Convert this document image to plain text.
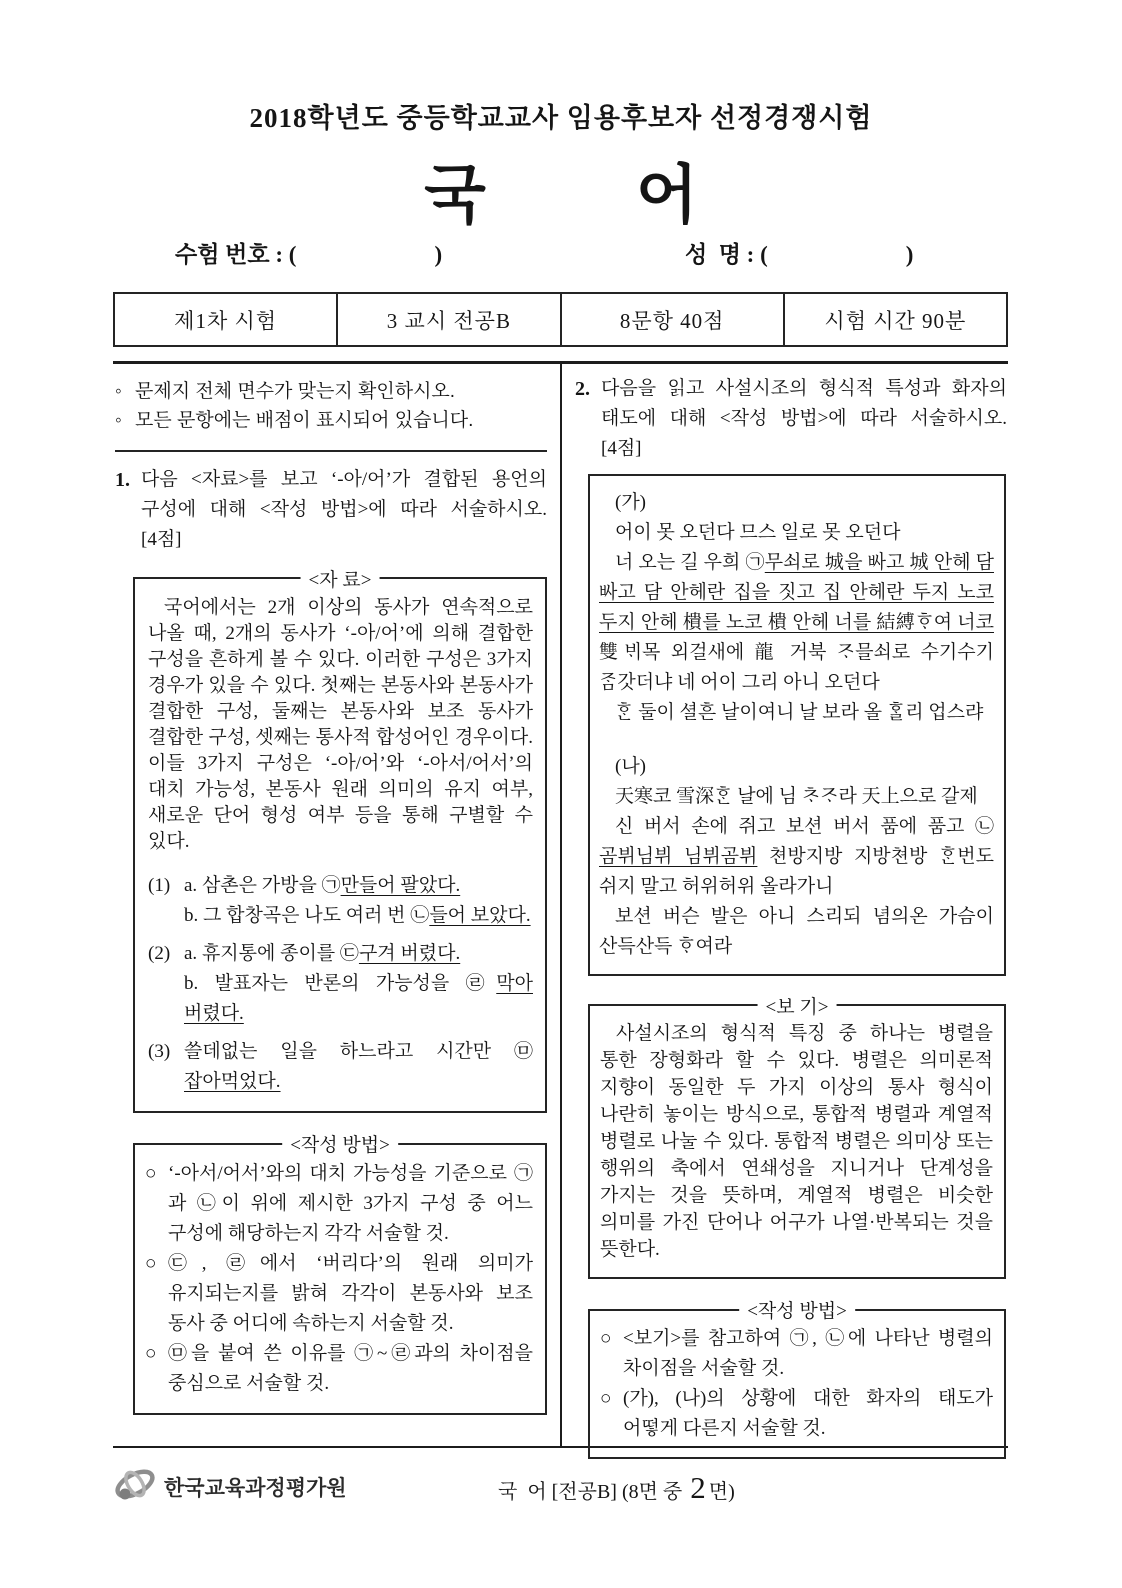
2018학년도 중등학교교사 임용후보자 선정경쟁시험
국 어
수험 번호 : (                        )	성  명 : (                        )
제1차 시험	3 교시 전공B	8문항 40점	시험 시간 90분
◦ 문제지 전체 면수가 맞는지 확인하시오.
◦ 모든 문항에는 배점이 표시되어 있습니다.
1. 다음 <자료>를 보고 ‘-아/어’가 결합된 용언의 구성에 대해 <작성 방법>에 따라 서술하시오. [4점]
<자 료>

국어에서는 2개 이상의 동사가 연속적으로 나올 때, 2개의 동사가 ‘-아/어’에 의해 결합한 구성을 흔하게 볼 수 있다. 이러한 구성은 3가지 경우가 있을 수 있다. 첫째는 본동사와 본동사가 결합한 구성, 둘째는 본동사와 보조 동사가 결합한 구성, 셋째는 통사적 합성어인 경우이다. 이들 3가지 구성은 ‘-아/어’와 ‘-아서/어서’의 대치 가능성, 본동사 원래 의미의 유지 여부, 새로운 단어 형성 여부 등을 통해 구별할 수 있다.

(1) a. 삼촌은 가방을 ㉠만들어 팔았다.
b. 그 합창곡은 나도 여러 번 ㉡들어 보았다.
(2) a. 휴지통에 종이를 ㉢구겨 버렸다.
b. 발표자는 반론의 가능성을 ㉣막아 버렸다.
(3) 쓸데없는 일을 하느라고 시간만 ㉤잡아먹었다.
<작성 방법>
○ ‘-아서/어서’와의 대치 가능성을 기준으로 ㉠과 ㉡이 위에 제시한 3가지 구성 중 어느 구성에 해당하는지 각각 서술할 것.
○ ㉢, ㉣에서 ‘버리다’의 원래 의미가 유지되는지를 밝혀 각각이 본동사와 보조 동사 중 어디에 속하는지 서술할 것.
○ ㉤을 붙여 쓴 이유를 ㉠~㉣과의 차이점을 중심으로 서술할 것.
2. 다음을 읽고 사설시조의 형식적 특성과 화자의 태도에 대해 <작성 방법>에 따라 서술하시오. [4점]

(가)

어이 못 오던다 므스 일로 못 오던다

너 오는 길 우희 ㉠무쇠로 城을 ᄡᅡ고 城 안헤 담 ᄡᅡ고 담 안헤란 집을 짓고 집 안헤란 두지 노코 두지 안헤 樻를 노코 樻 안헤 너를 結縛ᄒᆞ여 너코 雙ᄇᆡ목 외걸새에 龍 거북 ᄌᆞ믈쇠로 수기수기 ᄌᆞᆷ갓더냐 네 어이 그리 아니 오던다

ᄒᆞᆫ 둘이 셜흔 날이여니 날 보라 올 ᄒᆞᆯ리 업스랴

(나)

天寒코 雪深ᄒᆞᆫ 날에 님 ᄎᆞᄌᆞ라 天上으로 갈제

신 버서 손에 쥐고 보션 버서 품에 품고 ㉡곰뷔님뷔 님뷔곰뷔 쳔방지방 지방쳔방 ᄒᆞᆫ번도 쉬지 말고 허위허위 올라가니

보션 버슨 발은 아니 스리되 념의온 가슴이 산득산득 ᄒᆞ여라

<보 기>

사설시조의 형식적 특징 중 하나는 병렬을 통한 장형화라 할 수 있다. 병렬은 의미론적 지향이 동일한 두 가지 이상의 통사 형식이 나란히 놓이는 방식으로, 통합적 병렬과 계열적 병렬로 나눌 수 있다. 통합적 병렬은 의미상 또는 행위의 축에서 연쇄성을 지니거나 단계성을 가지는 것을 뜻하며, 계열적 병렬은 비슷한 의미를 가진 단어나 어구가 나열·반복되는 것을 뜻한다.

<작성 방법>
○ <보기>를 참고하여 ㉠, ㉡에 나타난 병렬의 차이점을 서술할 것.
○ (가), (나)의 상황에 대한 화자의 태도가 어떻게 다른지 서술할 것.
한국교육과정평가원	국  어 [전공B] (8면 중 2 면)
